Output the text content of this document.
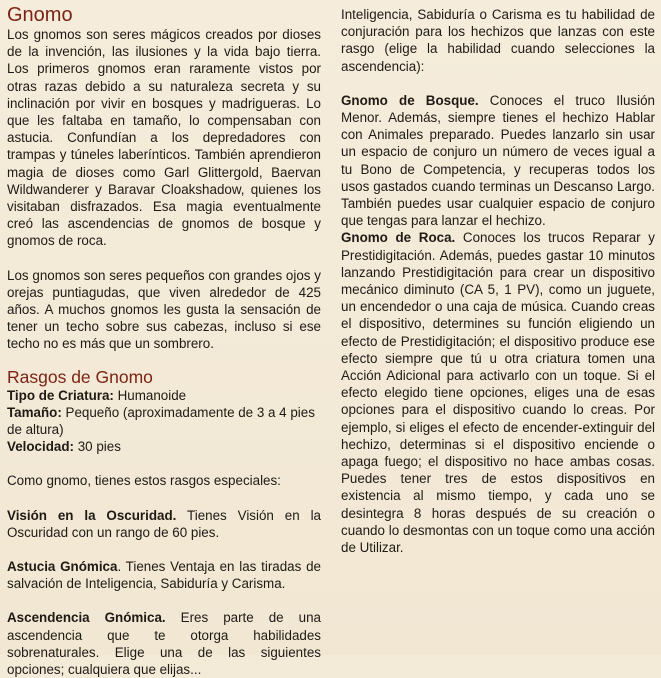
Gnomo

Los gnomos son seres mágicos creados por dioses de la invención, las ilusiones y la vida bajo tierra. Los primeros gnomos eran raramente vistos por otras razas debido a su naturaleza secreta y su inclinación por vivir en bosques y madrigueras. Lo que les faltaba en tamaño, lo compensaban con astucia. Confundían a los depredadores con trampas y túneles laberínticos. También aprendieron magia de dioses como Garl Glittergold, Baervan Wildwanderer y Baravar Cloakshadow, quienes los visitaban disfrazados. Esa magia eventualmente creó las ascendencias de gnomos de bosque y gnomos de roca.

Los gnomos son seres pequeños con grandes ojos y orejas puntiagudas, que viven alrededor de 425 años. A muchos gnomos les gusta la sensación de tener un techo sobre sus cabezas, incluso si ese techo no es más que un sombrero.

Rasgos de Gnomo

Tipo de Criatura: Humanoide

Tamaño: Pequeño (aproximadamente de 3 a 4 pies de altura)

Velocidad: 30 pies

Como gnomo, tienes estos rasgos especiales:

Visión en la Oscuridad. Tienes Visión en la Oscuridad con un rango de 60 pies.

Astucia Gnómica. Tienes Ventaja en las tiradas de salvación de Inteligencia, Sabiduría y Carisma.

Ascendencia Gnómica. Eres parte de una ascendencia que te otorga habilidades sobrenaturales. Elige una de las siguientes opciones; cualquiera que elijas...

Inteligencia, Sabiduría o Carisma es tu habilidad de conjuración para los hechizos que lanzas con este rasgo (elige la habilidad cuando selecciones la ascendencia):

Gnomo de Bosque. Conoces el truco Ilusión Menor. Además, siempre tienes el hechizo Hablar con Animales preparado. Puedes lanzarlo sin usar un espacio de conjuro un número de veces igual a tu Bono de Competencia, y recuperas todos los usos gastados cuando terminas un Descanso Largo. También puedes usar cualquier espacio de conjuro que tengas para lanzar el hechizo.

Gnomo de Roca. Conoces los trucos Reparar y Prestidigitación. Además, puedes gastar 10 minutos lanzando Prestidigitación para crear un dispositivo mecánico diminuto (CA 5, 1 PV), como un juguete, un encendedor o una caja de música. Cuando creas el dispositivo, determines su función eligiendo un efecto de Prestidigitación; el dispositivo produce ese efecto siempre que tú u otra criatura tomen una Acción Adicional para activarlo con un toque. Si el efecto elegido tiene opciones, eliges una de esas opciones para el dispositivo cuando lo creas. Por ejemplo, si eliges el efecto de encender-extinguir del hechizo, determinas si el dispositivo enciende o apaga fuego; el dispositivo no hace ambas cosas. Puedes tener tres de estos dispositivos en existencia al mismo tiempo, y cada uno se desintegra 8 horas después de su creación o cuando lo desmontas con un toque como una acción de Utilizar.
